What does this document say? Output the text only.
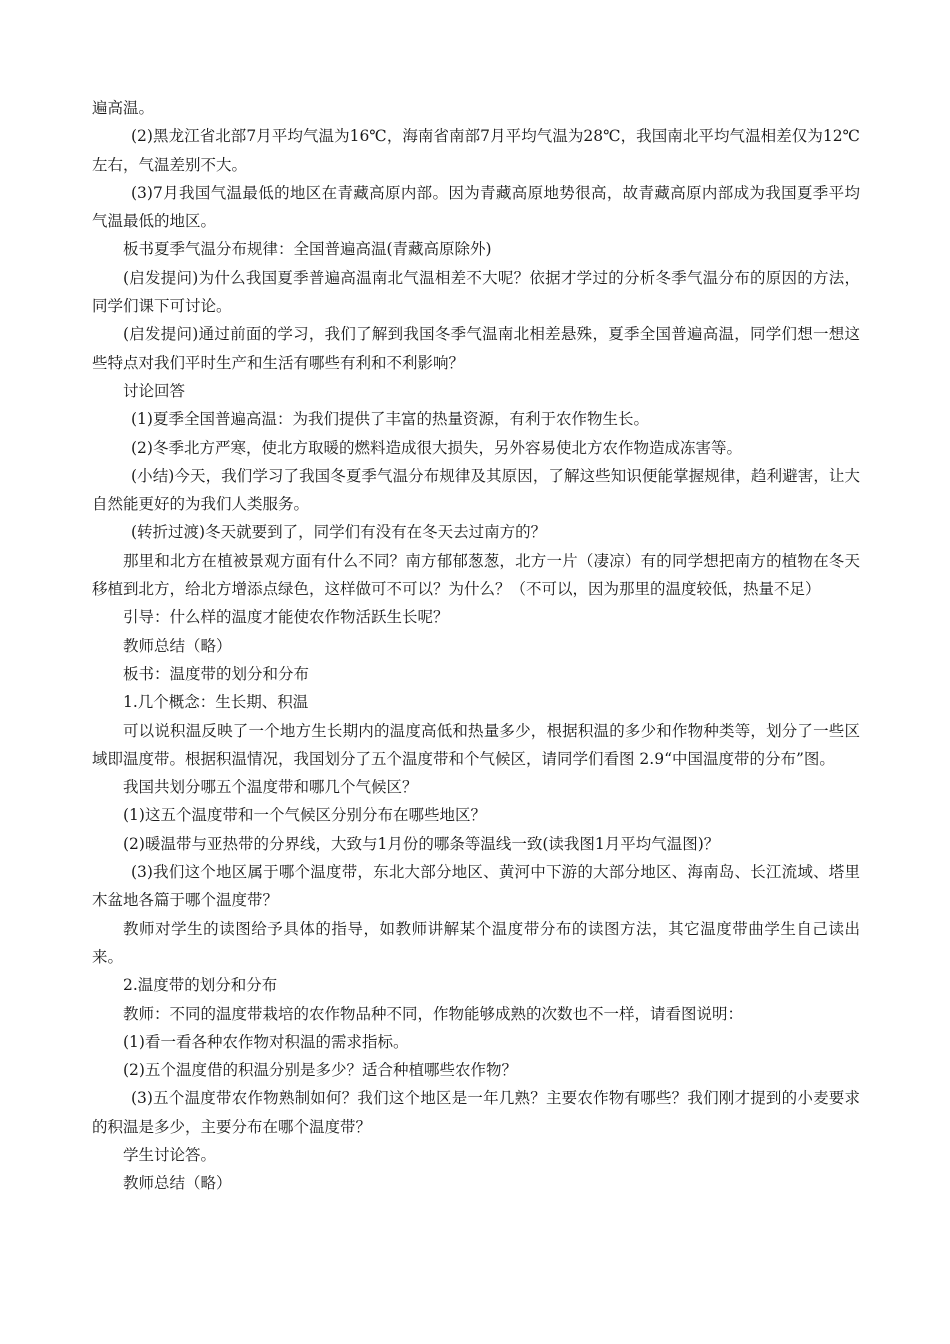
遍高温。

(2)黑龙江省北部7月平均气温为16℃，海南省南部7月平均气温为28℃，我国南北平均气温相差仅为12℃左右，气温差别不大。

(3)7月我国气温最低的地区在青藏高原内部。因为青藏高原地势很高，故青藏高原内部成为我国夏季平均气温最低的地区。

板书夏季气温分布规律：全国普遍高温(青藏高原除外)

(启发提问)为什么我国夏季普遍高温南北气温相差不大呢？依据才学过的分析冬季气温分布的原因的方法，同学们课下可讨论。

(启发提问)通过前面的学习，我们了解到我国冬季气温南北相差悬殊，夏季全国普遍高温，同学们想一想这些特点对我们平时生产和生活有哪些有利和不利影响？

讨论回答

(1)夏季全国普遍高温：为我们提供了丰富的热量资源，有利于农作物生长。

(2)冬季北方严寒，使北方取暖的燃料造成很大损失，另外容易使北方农作物造成冻害等。

(小结)今天，我们学习了我国冬夏季气温分布规律及其原因，了解这些知识便能掌握规律，趋利避害，让大自然能更好的为我们人类服务。

(转折过渡)冬天就要到了，同学们有没有在冬天去过南方的？

那里和北方在植被景观方面有什么不同？南方郁郁葱葱，北方一片（凄凉）有的同学想把南方的植物在冬天移植到北方，给北方增添点绿色，这样做可不可以？为什么？（不可以，因为那里的温度较低，热量不足）

引导：什么样的温度才能使农作物活跃生长呢？

教师总结（略）

板书：温度带的划分和分布

1.几个概念：生长期、积温

可以说积温反映了一个地方生长期内的温度高低和热量多少，根据积温的多少和作物种类等，划分了一些区域即温度带。根据积温情况，我国划分了五个温度带和个气候区，请同学们看图 2.9“中国温度带的分布”图。

我国共划分哪五个温度带和哪几个气候区？

(1)这五个温度带和一个气候区分别分布在哪些地区？

(2)暖温带与亚热带的分界线，大致与1月份的哪条等温线一致(读我图1月平均气温图)？

(3)我们这个地区属于哪个温度带，东北大部分地区、黄河中下游的大部分地区、海南岛、长江流域、塔里木盆地各篇于哪个温度带？

教师对学生的读图给予具体的指导，如教师讲解某个温度带分布的读图方法，其它温度带曲学生自己读出来。

2.温度带的划分和分布

教师：不同的温度带栽培的农作物品种不同，作物能够成熟的次数也不一样，请看图说明：

(1)看一看各种农作物对积温的需求指标。

(2)五个温度借的积温分别是多少？适合种植哪些农作物？

(3)五个温度带农作物熟制如何？我们这个地区是一年几熟？主要农作物有哪些？我们刚才提到的小麦要求的积温是多少，主要分布在哪个温度带？

学生讨论答。

教师总结（略）
